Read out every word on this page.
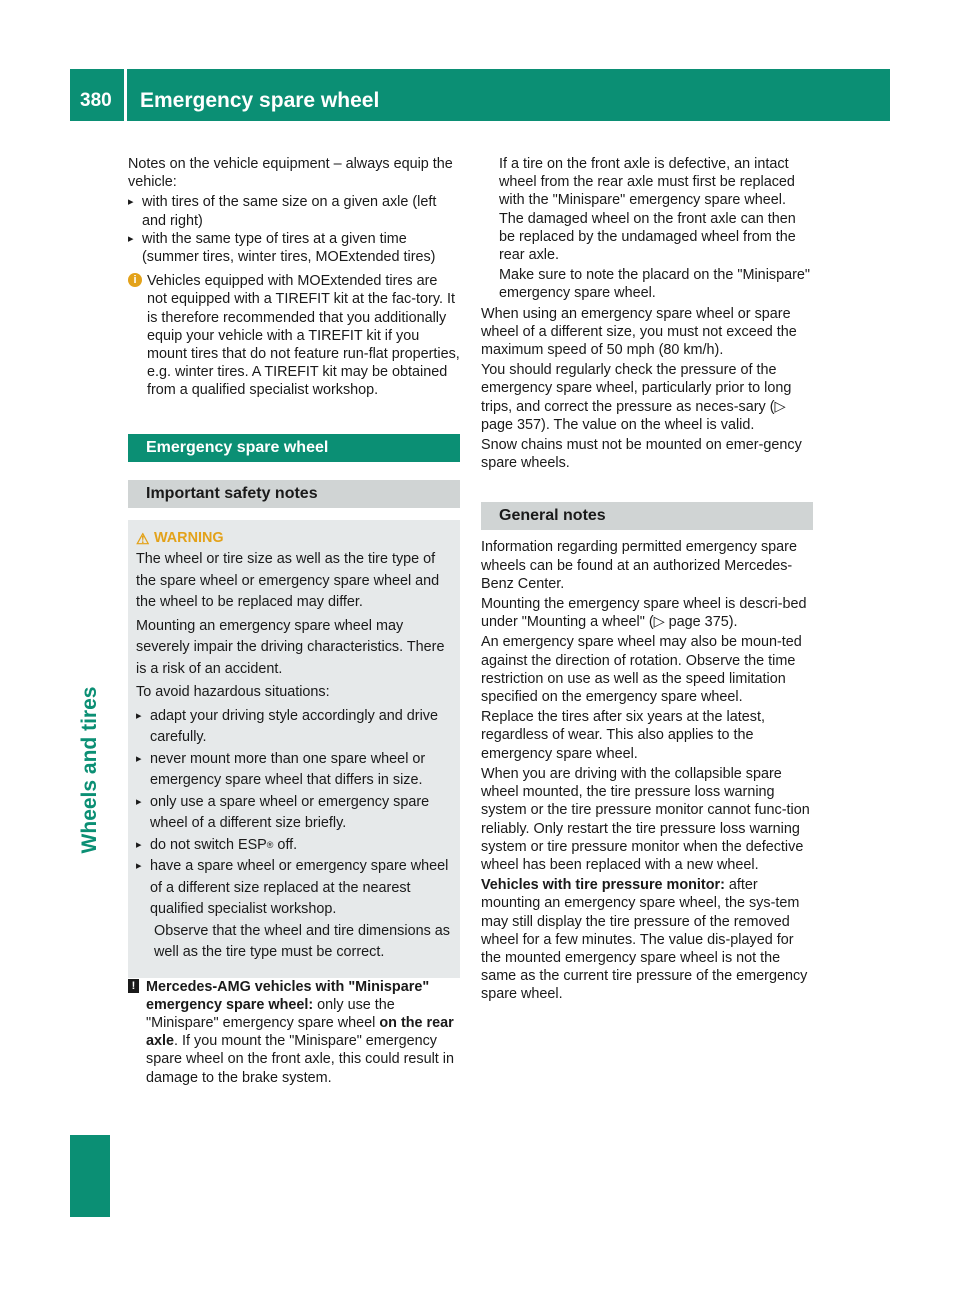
380 Emergency spare wheel
Wheels and tires

Notes on the vehicle equipment – always equip the vehicle:

▸ with tires of the same size on a given axle (left and right)
▸ with the same type of tires at a given time (summer tires, winter tires, MOExtended tires)

i Vehicles equipped with MOExtended tires are not equipped with a TIREFIT kit at the fac-tory. It is therefore recommended that you additionally equip your vehicle with a TIREFIT kit if you mount tires that do not feature run-flat properties, e.g. winter tires. A TIREFIT kit may be obtained from a qualified specialist workshop.

Emergency spare wheel
Important safety notes
⚠ WARNING

The wheel or tire size as well as the tire type of the spare wheel or emergency spare wheel and the wheel to be replaced may differ.

Mounting an emergency spare wheel may severely impair the driving characteristics. There is a risk of an accident.

To avoid hazardous situations:

▸ adapt your driving style accordingly and drive carefully.
▸ never mount more than one spare wheel or emergency spare wheel that differs in size.
▸ only use a spare wheel or emergency spare wheel of a different size briefly.
▸ do not switch ESP® off.
▸ have a spare wheel or emergency spare wheel of a different size replaced at the nearest qualified specialist workshop.

Observe that the wheel and tire dimensions as well as the tire type must be correct.

! Mercedes-AMG vehicles with "Minispare" emergency spare wheel: only use the "Minispare" emergency spare wheel on the rear axle. If you mount the "Minispare" emergency spare wheel on the front axle, this could result in damage to the brake system.

If a tire on the front axle is defective, an intact wheel from the rear axle must first be replaced with the "Minispare" emergency spare wheel. The damaged wheel on the front axle can then be replaced by the undamaged wheel from the rear axle.

Make sure to note the placard on the "Minispare" emergency spare wheel.

When using an emergency spare wheel or spare wheel of a different size, you must not exceed the maximum speed of 50 mph (80 km/h).

You should regularly check the pressure of the emergency spare wheel, particularly prior to long trips, and correct the pressure as neces-sary (▷ page 357). The value on the wheel is valid.

Snow chains must not be mounted on emer-gency spare wheels.

General notes

Information regarding permitted emergency spare wheels can be found at an authorized Mercedes-Benz Center.

Mounting the emergency spare wheel is descri-bed under "Mounting a wheel" (▷ page 375).

An emergency spare wheel may also be moun-ted against the direction of rotation. Observe the time restriction on use as well as the speed limitation specified on the emergency spare wheel.

Replace the tires after six years at the latest, regardless of wear. This also applies to the emergency spare wheel.

When you are driving with the collapsible spare wheel mounted, the tire pressure loss warning system or the tire pressure monitor cannot func-tion reliably. Only restart the tire pressure loss warning system or tire pressure monitor when the defective wheel has been replaced with a new wheel.

Vehicles with tire pressure monitor: after mounting an emergency spare wheel, the sys-tem may still display the tire pressure of the removed wheel for a few minutes. The value dis-played for the mounted emergency spare wheel is not the same as the current tire pressure of the emergency spare wheel.
